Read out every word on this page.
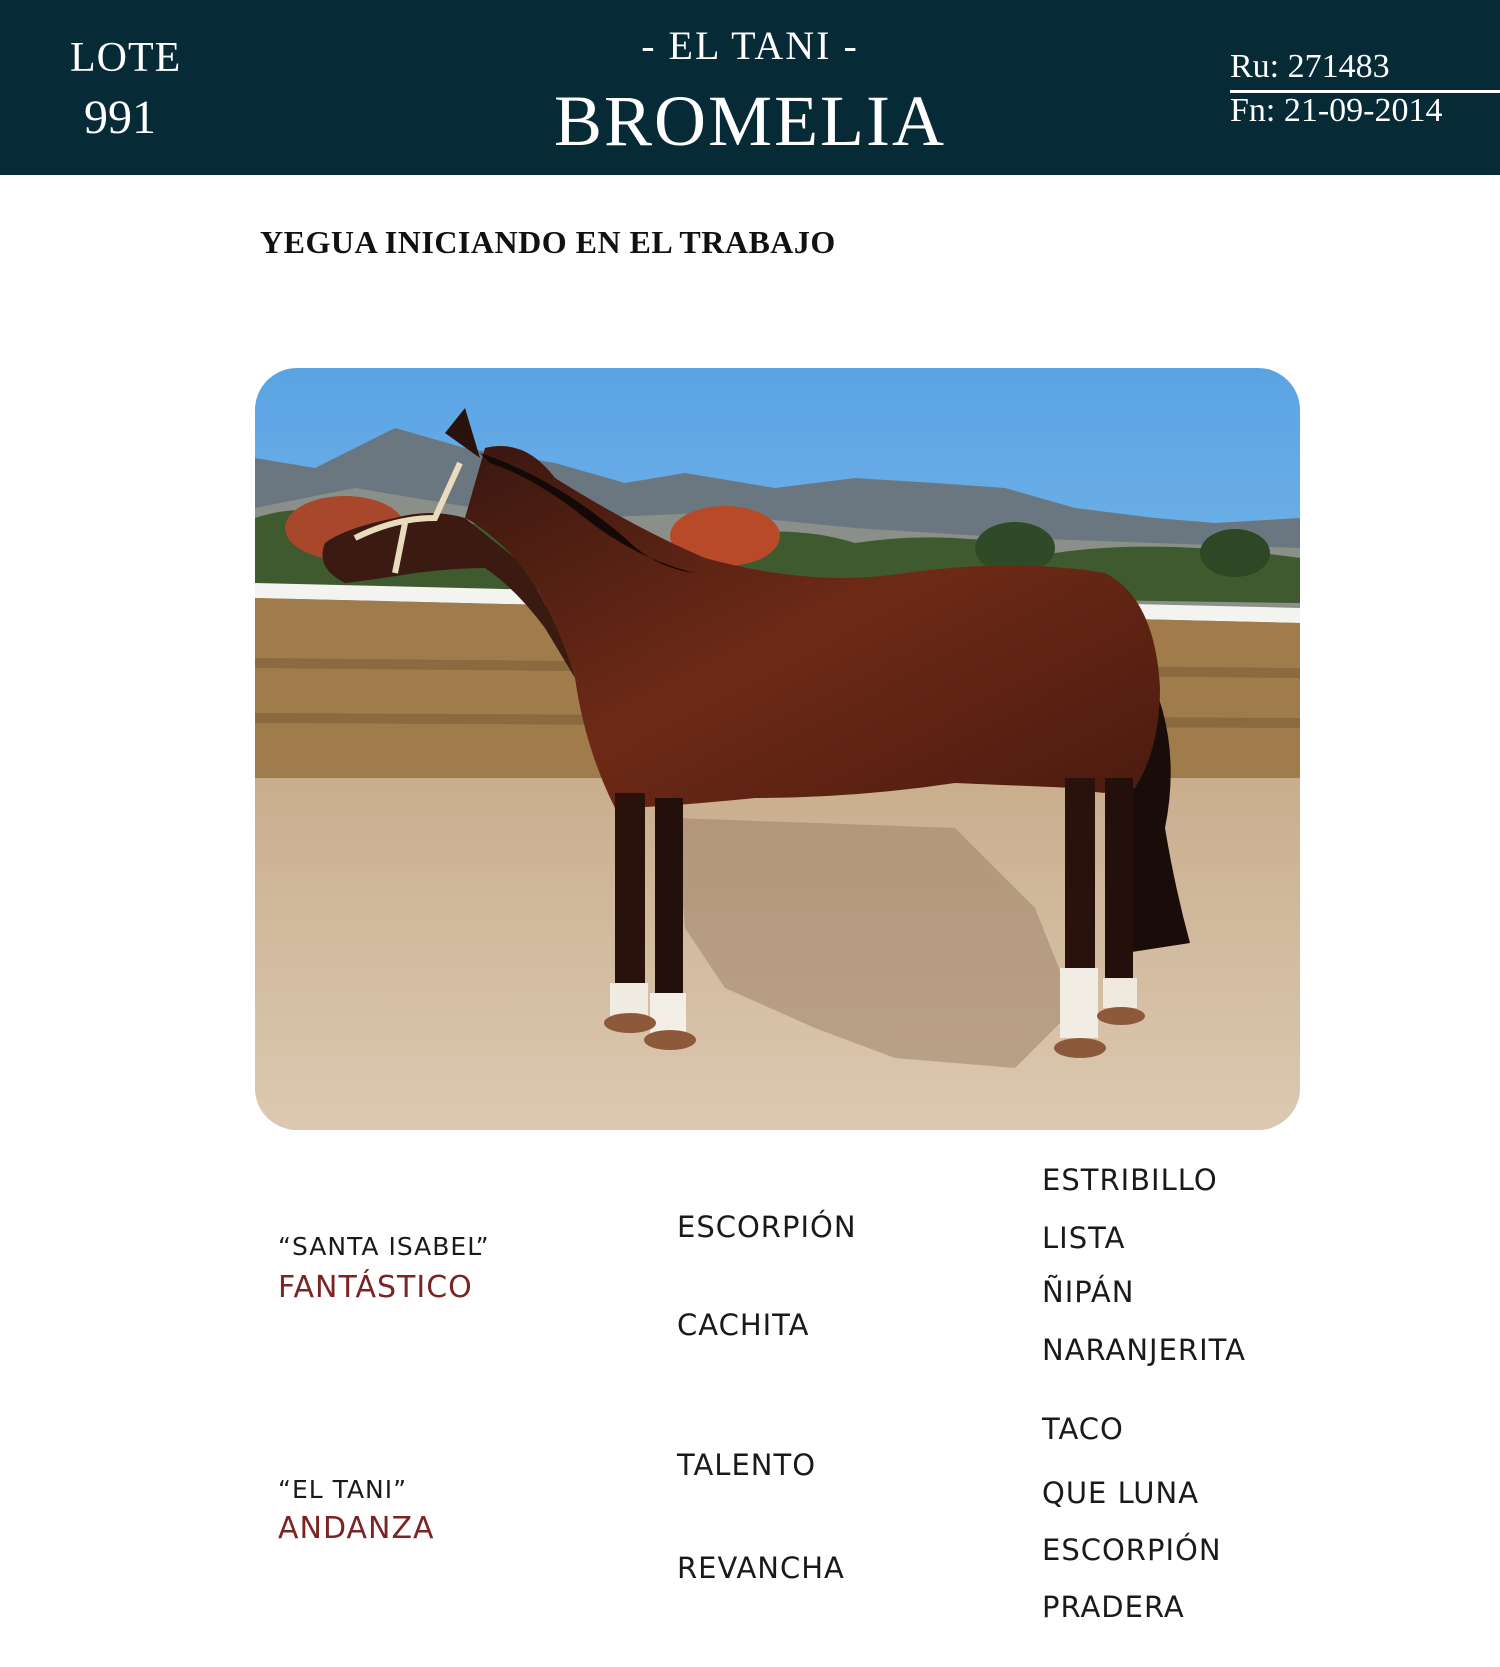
LOTE
991
- EL TANI -
BROMELIA
Ru: 271483
Fn: 21-09-2014
YEGUA INICIANDO EN EL TRABAJO
“SANTA ISABEL”
FANTÁSTICO
ESCORPIÓN
CACHITA
ESTRIBILLO
LISTA
ÑIPÁN
NARANJERITA
“EL TANI”
ANDANZA
TALENTO
REVANCHA
TACO
QUE LUNA
ESCORPIÓN
PRADERA
